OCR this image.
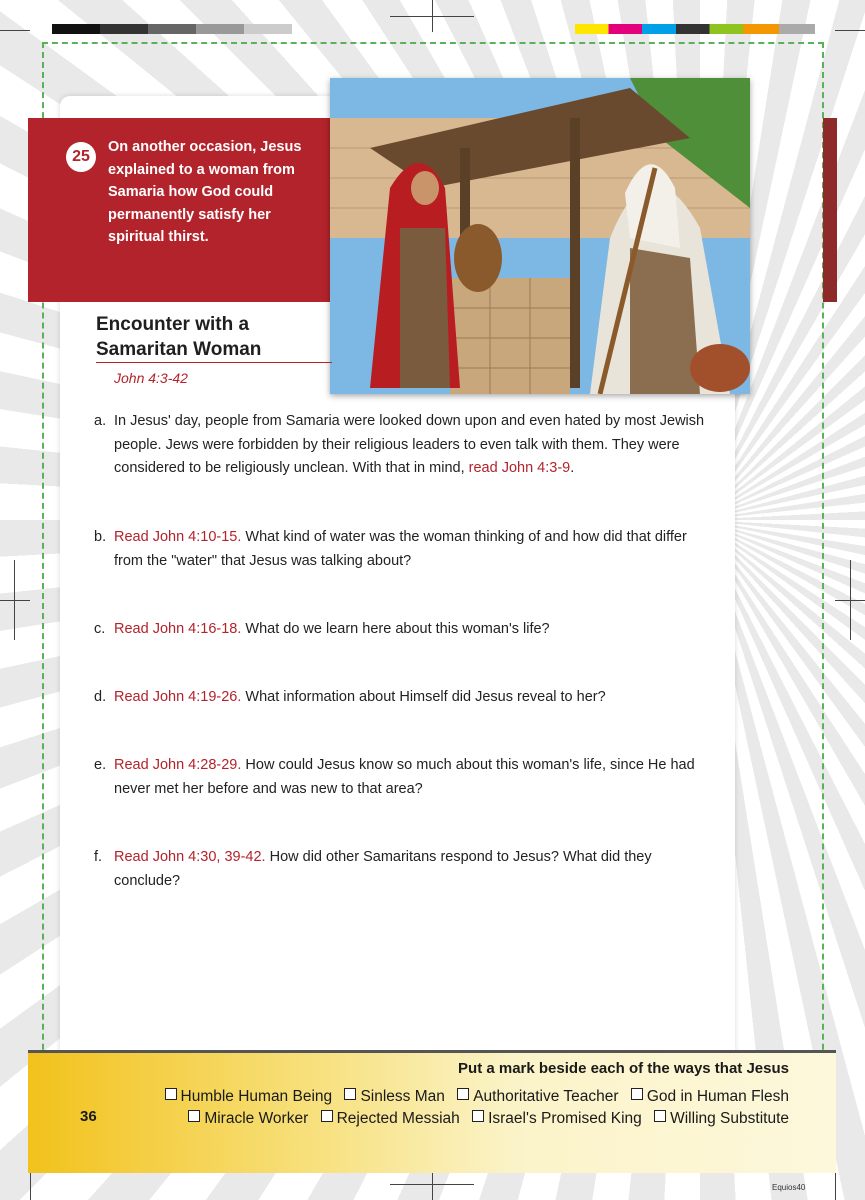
25
On another occasion, Jesus explained to a woman from Samaria how God could permanently satisfy her spiritual thirst.
Encounter with a Samaritan Woman
John 4:3-42
a. In Jesus' day, people from Samaria were looked down upon and even hated by most Jewish people. Jews were forbidden by their religious leaders to even talk with them. They were considered to be religiously unclean. With that in mind, read John 4:3-9.
b. Read John 4:10-15. What kind of water was the woman thinking of and how did that differ from the "water" that Jesus was talking about?
c. Read John 4:16-18. What do we learn here about this woman's life?
d. Read John 4:19-26. What information about Himself did Jesus reveal to her?
e. Read John 4:28-29. How could Jesus know so much about this woman's life, since He had never met her before and was new to that area?
f. Read John 4:30, 39-42. How did other Samaritans respond to Jesus? What did they conclude?
Put a mark beside each of the ways that Jesus
Humble Human Being Sinless Man Authoritative Teacher God in Human Flesh
Miracle Worker Rejected Messiah Israel's Promised King Willing Substitute
36
Equios40
